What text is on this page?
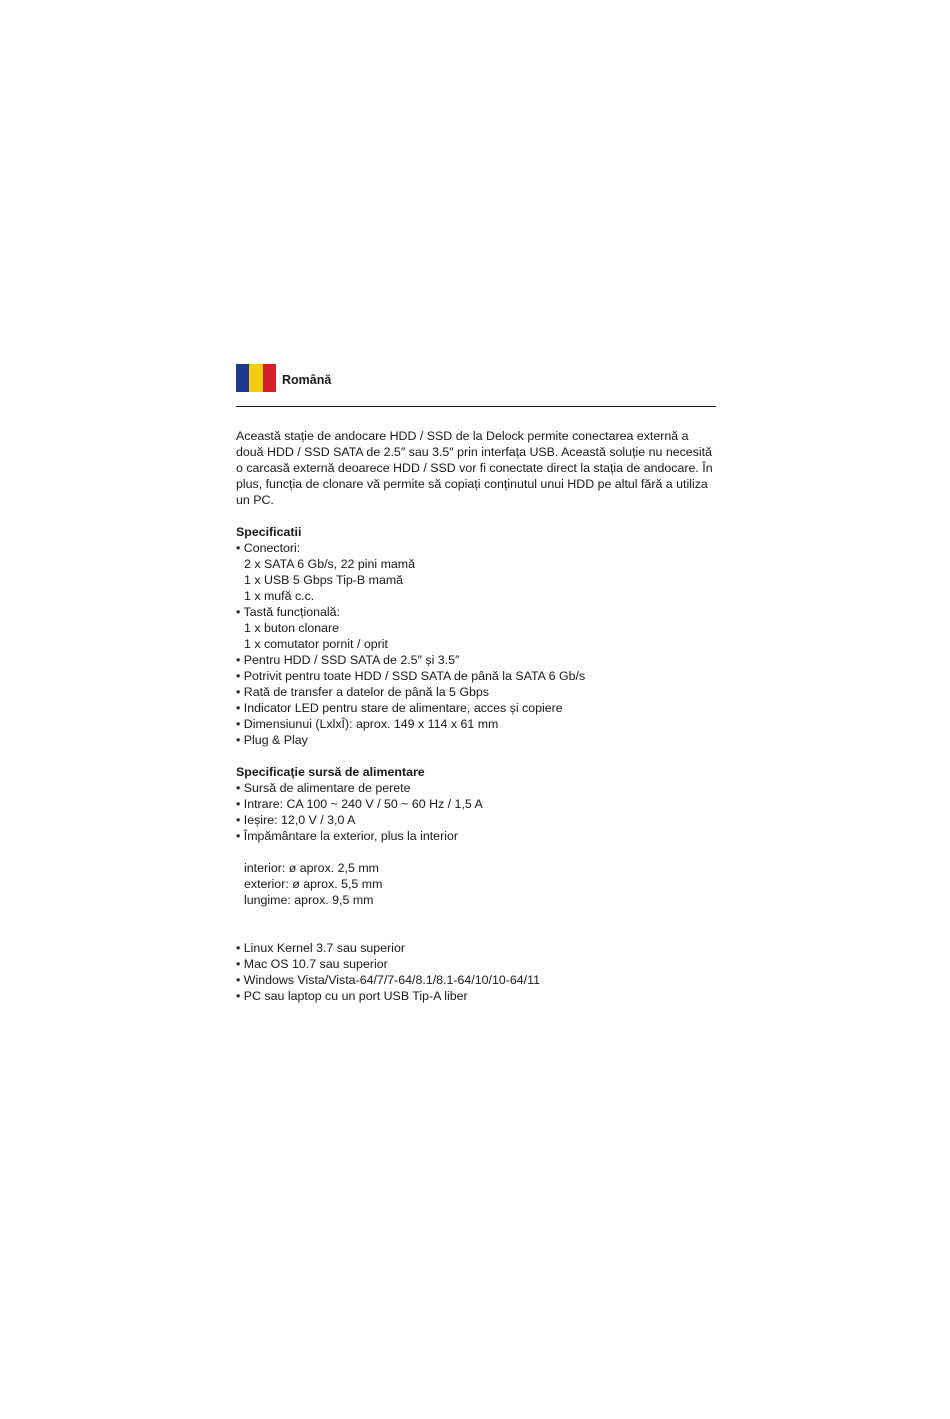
Română

Această stație de andocare HDD / SSD de la Delock permite conectarea externă a două HDD / SSD SATA de 2.5″ sau 3.5″ prin interfața USB. Această soluție nu necesită o carcasă externă deoarece HDD / SSD vor fi conectate direct la stația de andocare. În plus, funcția de clonare vă permite să copiați conținutul unui HDD pe altul fără a utiliza un PC.

Specificatii
• Conectori:
2 x SATA 6 Gb/s, 22 pini mamă
1 x USB 5 Gbps Tip-B mamă
1 x mufă c.c.
• Tastă funcțională:
1 x buton clonare
1 x comutator pornit / oprit
• Pentru HDD / SSD SATA de 2.5″ și 3.5″
• Potrivit pentru toate HDD / SSD SATA de până la SATA 6 Gb/s
• Rată de transfer a datelor de până la 5 Gbps
• Indicator LED pentru stare de alimentare, acces și copiere
• Dimensiunui (LxlxÎ): aprox. 149 x 114 x 61 mm
• Plug & Play
Specificaţie sursă de alimentare
• Sursă de alimentare de perete
• Intrare: CA 100 ~ 240 V / 50 ~ 60 Hz / 1,5 A
• Ieșire: 12,0 V / 3,0 A
• Împământare la exterior, plus la interior
interior: ø aprox. 2,5 mm
exterior: ø aprox. 5,5 mm
lungime: aprox. 9,5 mm
• Linux Kernel 3.7 sau superior
• Mac OS 10.7 sau superior
• Windows Vista/Vista-64/7/7-64/8.1/8.1-64/10/10-64/11
• PC sau laptop cu un port USB Tip-A liber
